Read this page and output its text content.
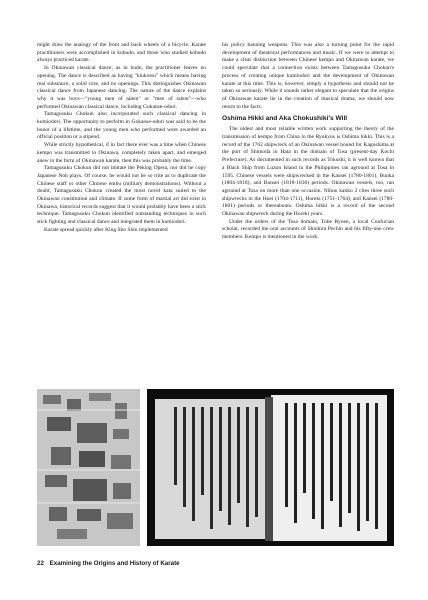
might draw the analogy of the front and back wheels of a bicycle. Karate practitioners were accomplished in kobudo, and those who studied kobudo always practiced karate.

In Okinawan classical dance, as in budo, the practitioner leaves no opening. The dance is described as having "kinkotsu" which means having real substance, a solid core, and no openings. This distinguishes Okinawan classical dance from Japanese dancing. The nature of the dance explains why it was boys—"young men of talent" or "men of talent"—who performed Okinawan classical dance, including Gokanse-odori.

Tamagusuku Chokun also incorporated such classical dancing in kumiodori. The opportunity to perform in Gokanse-odori was said to be the honor of a lifetime, and the young men who performed were awarded an official position or a stipend.

While strictly hypothetical, if in fact there ever was a time when Chinese kempo was transmitted to Okinawa, completely taken apart, and emerged anew in the form of Okinawan karate, then this was probably the time.

Tamagusuku Chokun did not imitate the Peking Opera, nor did he copy Japanese Noh plays. Of course, he would not be so trite as to duplicate the Chinese staff or other Chinese embu (military demonstrations). Without a doubt, Tamagusuku Chokun created the most novel kata suited to the Okinawan constitution and climate. If some form of martial art did exist in Okinawa, historical records suggest that it would probably have been a stick technique. Tamagusuku Chokun identified outstanding techniques in such stick fighting and classical dance and integrated them in kumiodori.

Karate spread quickly after King Sho Shin implemented

his policy banning weapons. This was also a turning point for the rapid development of theatrical performances and music. If we were to attempt to make a clear distinction between Chinese kempo and Okinawan karate, we could speculate that a connection exists between Tamagusuku Chokun's process of creating unique kumiodori and the development of Okinawan karate at this time. This is, however, simply a hypothesis and should not be taken so seriously. While it sounds rather elegant to speculate that the origins of Okinawan karate lie in the creation of musical drama, we should now return to the facts.

Oshima Hikki and Aka Chokushiki's Will

The oldest and most reliable written work supporting the theory of the transmission of kempo from China to the Ryukyus is Oshima hikki. This is a record of the 1762 shipwreck of an Okinawan vessel bound for Kagoshima at the port of Shimoda in Hata in the domain of Tosa (present-day Kochi Prefecture). As documented in such records as Tokushi, it is well known that a Black Ship from Luzon Island in the Philippines ran aground at Tosa in 1595. Chinese vessels were shipwrecked in the Kansei (1780-1801), Bunka (1804-1818), and Bunsei (1818-1830) periods. Okinawan vessels, too, ran aground at Tosa on more than one occasion. Nihon kanko 2 cites three such shipwrecks in the Hoei (1704-1711), Horeki (1751-1764), and Kansei (1780-1801) periods or thereabouts. Oshima hikki is a record of the second Okinawan shipwreck during the Horeki years.

Under the orders of the Tosa domain, Tobe Ryoen, a local Confucian scholar, recorded the oral accounts of Shiohira Pechin and his fifty-one crew members. Kempo is mentioned in the work.

22 Examining the Origins and History of Karate
